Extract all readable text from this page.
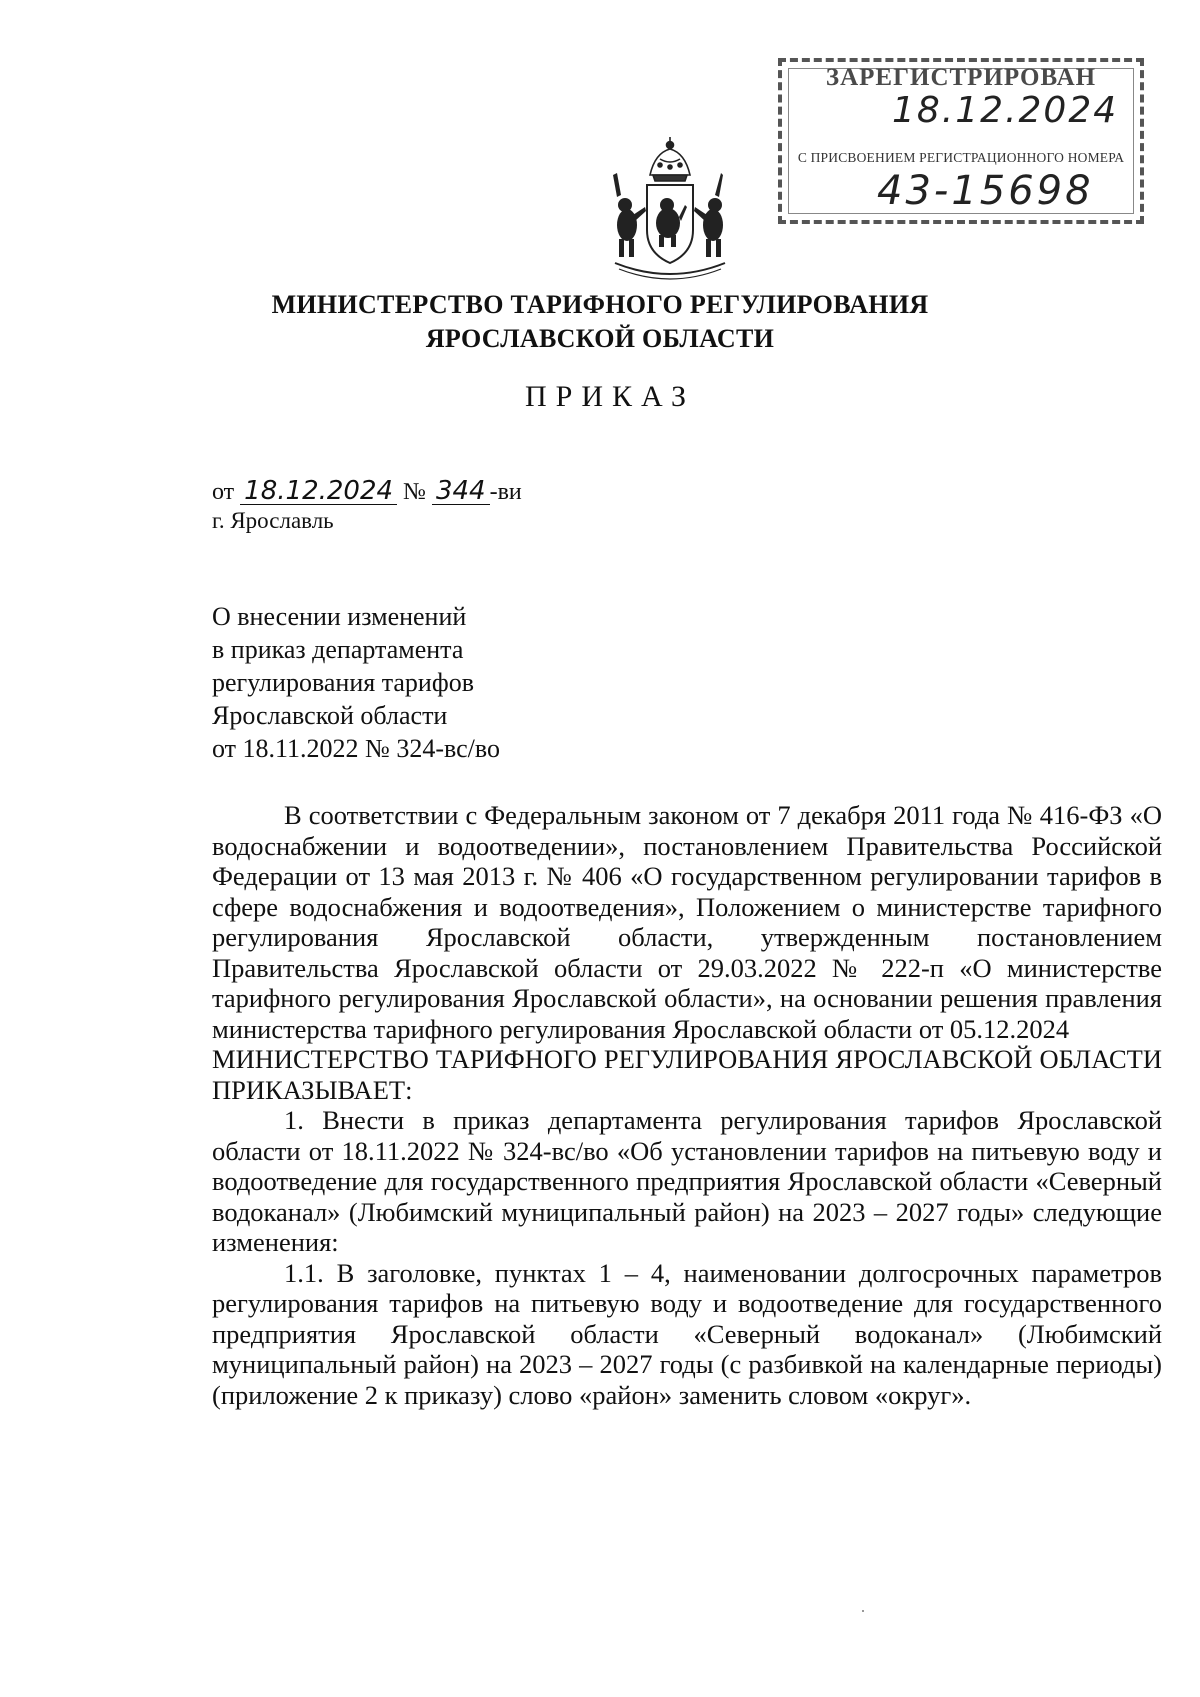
ЗАРЕГИСТРИРОВАН
18.12.2024
С ПРИСВОЕНИЕМ РЕГИСТРАЦИОННОГО НОМЕРА
43-15698
МИНИСТЕРСТВО ТАРИФНОГО РЕГУЛИРОВАНИЯ
ЯРОСЛАВСКОЙ ОБЛАСТИ
ПРИКАЗ
от 18.12.2024 № 344 -ви
г. Ярославль
О внесении изменений
в приказ департамента
регулирования тарифов
Ярославской области
от 18.11.2022 № 324-вс/во

В соответствии с Федеральным законом от 7 декабря 2011 года № 416-ФЗ «О водоснабжении и водоотведении», постановлением Правительства Российской Федерации от 13 мая 2013 г. № 406 «О государственном регулировании тарифов в сфере водоснабжения и водоотведения», Положением о министерстве тарифного регулирования Ярославской области, утвержденным постановлением Правительства Ярославской области от 29.03.2022 № 222-п «О министерстве тарифного регулирования Ярославской области», на основании решения правления министерства тарифного регулирования Ярославской области от 05.12.2024

МИНИСТЕРСТВО ТАРИФНОГО РЕГУЛИРОВАНИЯ ЯРОСЛАВСКОЙ ОБЛАСТИ ПРИКАЗЫВАЕТ:

1. Внести в приказ департамента регулирования тарифов Ярославской области от 18.11.2022 № 324-вс/во «Об установлении тарифов на питьевую воду и водоотведение для государственного предприятия Ярославской области «Северный водоканал» (Любимский муниципальный район) на 2023 – 2027 годы» следующие изменения:

1.1. В заголовке, пунктах 1 – 4, наименовании долгосрочных параметров регулирования тарифов на питьевую воду и водоотведение для государственного предприятия Ярославской области «Северный водоканал» (Любимский муниципальный район) на 2023 – 2027 годы (с разбивкой на календарные периоды) (приложение 2 к приказу) слово «район» заменить словом «округ».
